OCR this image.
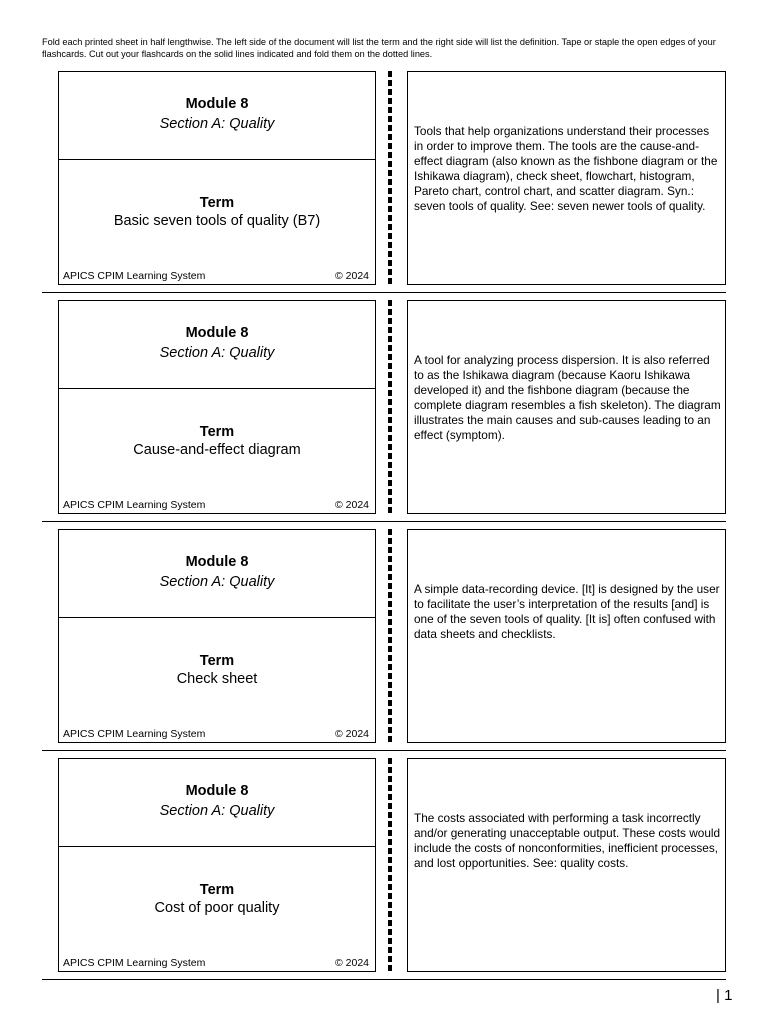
Fold each printed sheet in half lengthwise. The left side of the document will list the term and the right side will list the definition. Tape or staple the open edges of your flashcards. Cut out your flashcards on the solid lines indicated and fold them on the dotted lines.

Module 8
Section A: Quality
Term
Basic seven tools of quality (B7)
APICS CPIM Learning System	© 2024
Tools that help organizations understand their processes in order to improve them. The tools are the cause-and-effect diagram (also known as the fishbone diagram or the Ishikawa diagram), check sheet, flowchart, histogram, Pareto chart, control chart, and scatter diagram. Syn.: seven tools of quality. See: seven newer tools of quality.
Module 8
Section A: Quality
Term
Cause-and-effect diagram
APICS CPIM Learning System	© 2024
A tool for analyzing process dispersion. It is also referred to as the Ishikawa diagram (because Kaoru Ishikawa developed it) and the fishbone diagram (because the complete diagram resembles a fish skeleton). The diagram illustrates the main causes and sub-causes leading to an effect (symptom).
Module 8
Section A: Quality
Term
Check sheet
APICS CPIM Learning System	© 2024
A simple data-recording device. [It] is designed by the user to facilitate the user’s interpretation of the results [and] is one of the seven tools of quality. [It is] often confused with data sheets and checklists.
Module 8
Section A: Quality
Term
Cost of poor quality
APICS CPIM Learning System	© 2024
The costs associated with performing a task incorrectly and/or generating unacceptable output. These costs would include the costs of nonconformities, inefficient processes, and lost opportunities. See: quality costs.
| 1
